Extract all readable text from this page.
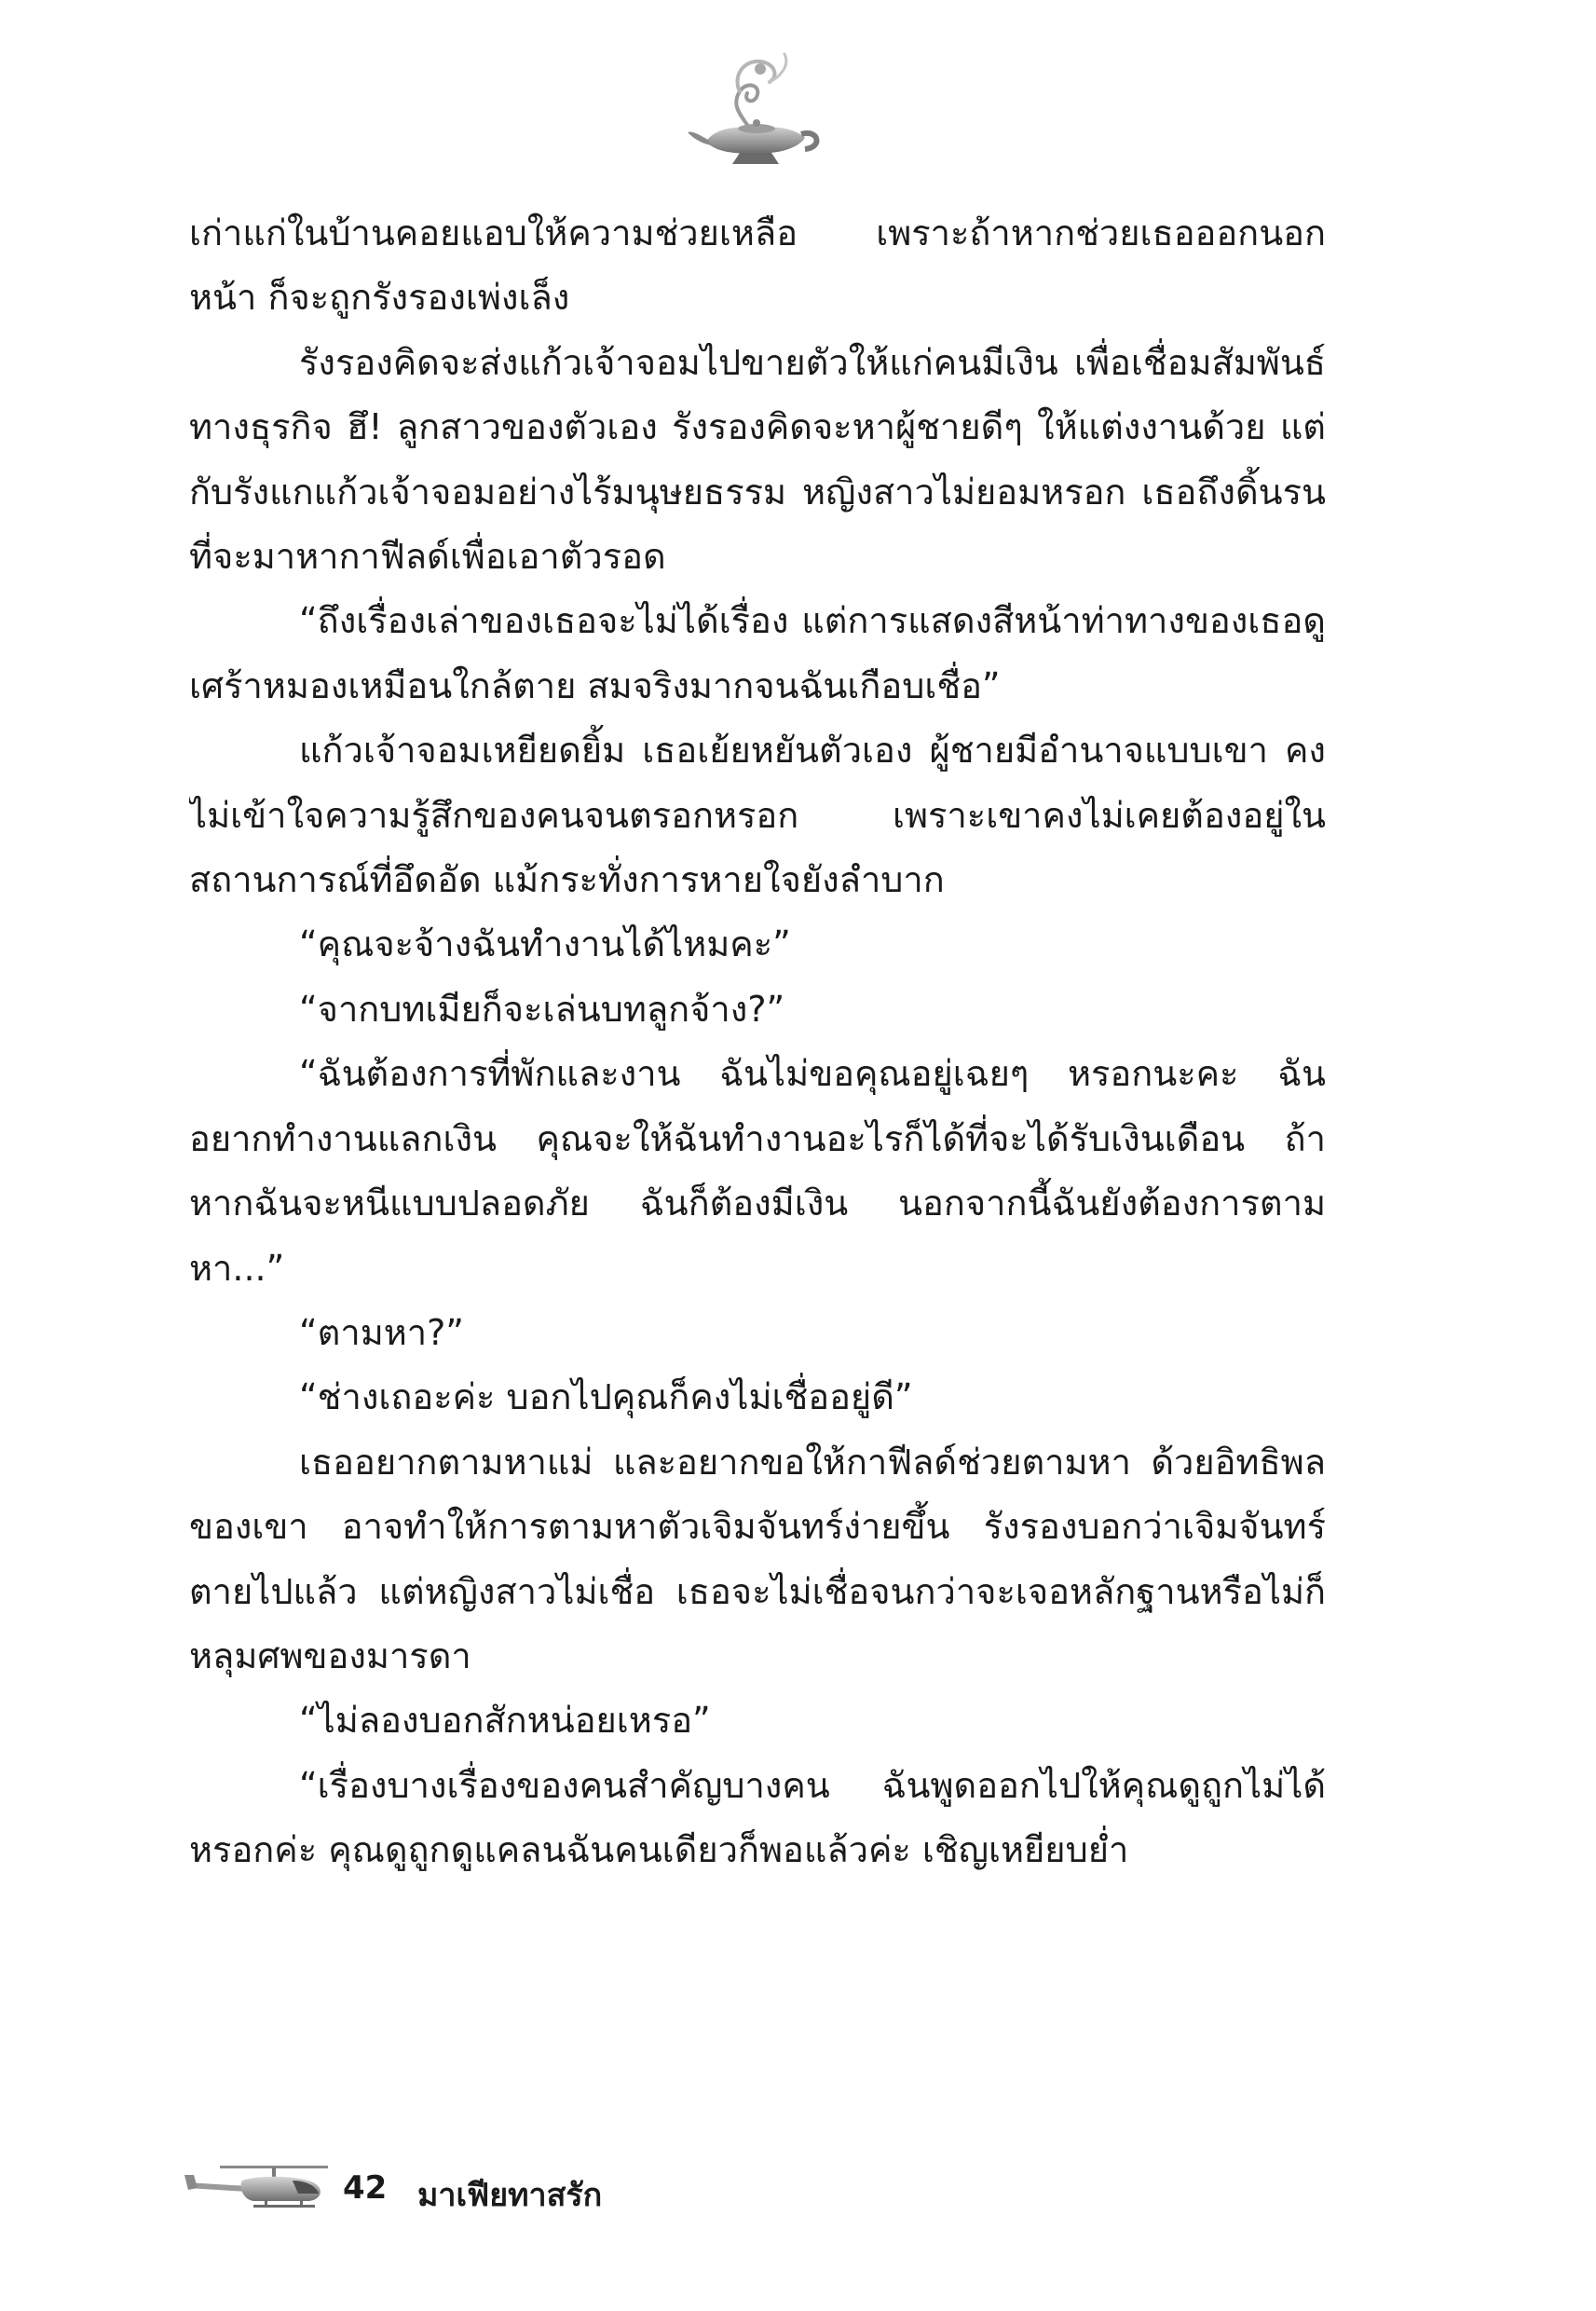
เก่าแก่ในบ้านคอยแอบให้ความช่วยเหลือ เพราะถ้าหากช่วยเธอออกนอกหน้า ก็จะถูกรังรองเพ่งเล็ง

รังรองคิดจะส่งแก้วเจ้าจอมไปขายตัวให้แก่คนมีเงิน เพื่อเชื่อมสัมพันธ์ทางธุรกิจ ฮึ! ลูกสาวของตัวเอง รังรองคิดจะหาผู้ชายดีๆ ให้แต่งงานด้วย แต่กับรังแกแก้วเจ้าจอมอย่างไร้มนุษยธรรม หญิงสาวไม่ยอมหรอก เธอถึงดิ้นรนที่จะมาหากาฟีลด์เพื่อเอาตัวรอด

“ถึงเรื่องเล่าของเธอจะไม่ได้เรื่อง แต่การแสดงสีหน้าท่าทางของเธอดูเศร้าหมองเหมือนใกล้ตาย สมจริงมากจนฉันเกือบเชื่อ”

แก้วเจ้าจอมเหยียดยิ้ม เธอเย้ยหยันตัวเอง ผู้ชายมีอำนาจแบบเขา คงไม่เข้าใจความรู้สึกของคนจนตรอกหรอก เพราะเขาคงไม่เคยต้องอยู่ในสถานการณ์ที่อึดอัด แม้กระทั่งการหายใจยังลำบาก

“คุณจะจ้างฉันทำงานได้ไหมคะ”

“จากบทเมียก็จะเล่นบทลูกจ้าง?”

“ฉันต้องการที่พักและงาน ฉันไม่ขอคุณอยู่เฉยๆ หรอกนะคะ ฉันอยากทำงานแลกเงิน คุณจะให้ฉันทำงานอะไรก็ได้ที่จะได้รับเงินเดือน ถ้าหากฉันจะหนีแบบปลอดภัย ฉันก็ต้องมีเงิน นอกจากนี้ฉันยังต้องการตามหา...”

“ตามหา?”

“ช่างเถอะค่ะ บอกไปคุณก็คงไม่เชื่ออยู่ดี”

เธออยากตามหาแม่ และอยากขอให้กาฟีลด์ช่วยตามหา ด้วยอิทธิพลของเขา อาจทำให้การตามหาตัวเจิมจันทร์ง่ายขึ้น รังรองบอกว่าเจิมจันทร์ตายไปแล้ว แต่หญิงสาวไม่เชื่อ เธอจะไม่เชื่อจนกว่าจะเจอหลักฐานหรือไม่ก็หลุมศพของมารดา

“ไม่ลองบอกสักหน่อยเหรอ”

“เรื่องบางเรื่องของคนสำคัญบางคน ฉันพูดออกไปให้คุณดูถูกไม่ได้หรอกค่ะ คุณดูถูกดูแคลนฉันคนเดียวก็พอแล้วค่ะ เชิญเหยียบย่ำ

42 มาเฟียทาสรัก
